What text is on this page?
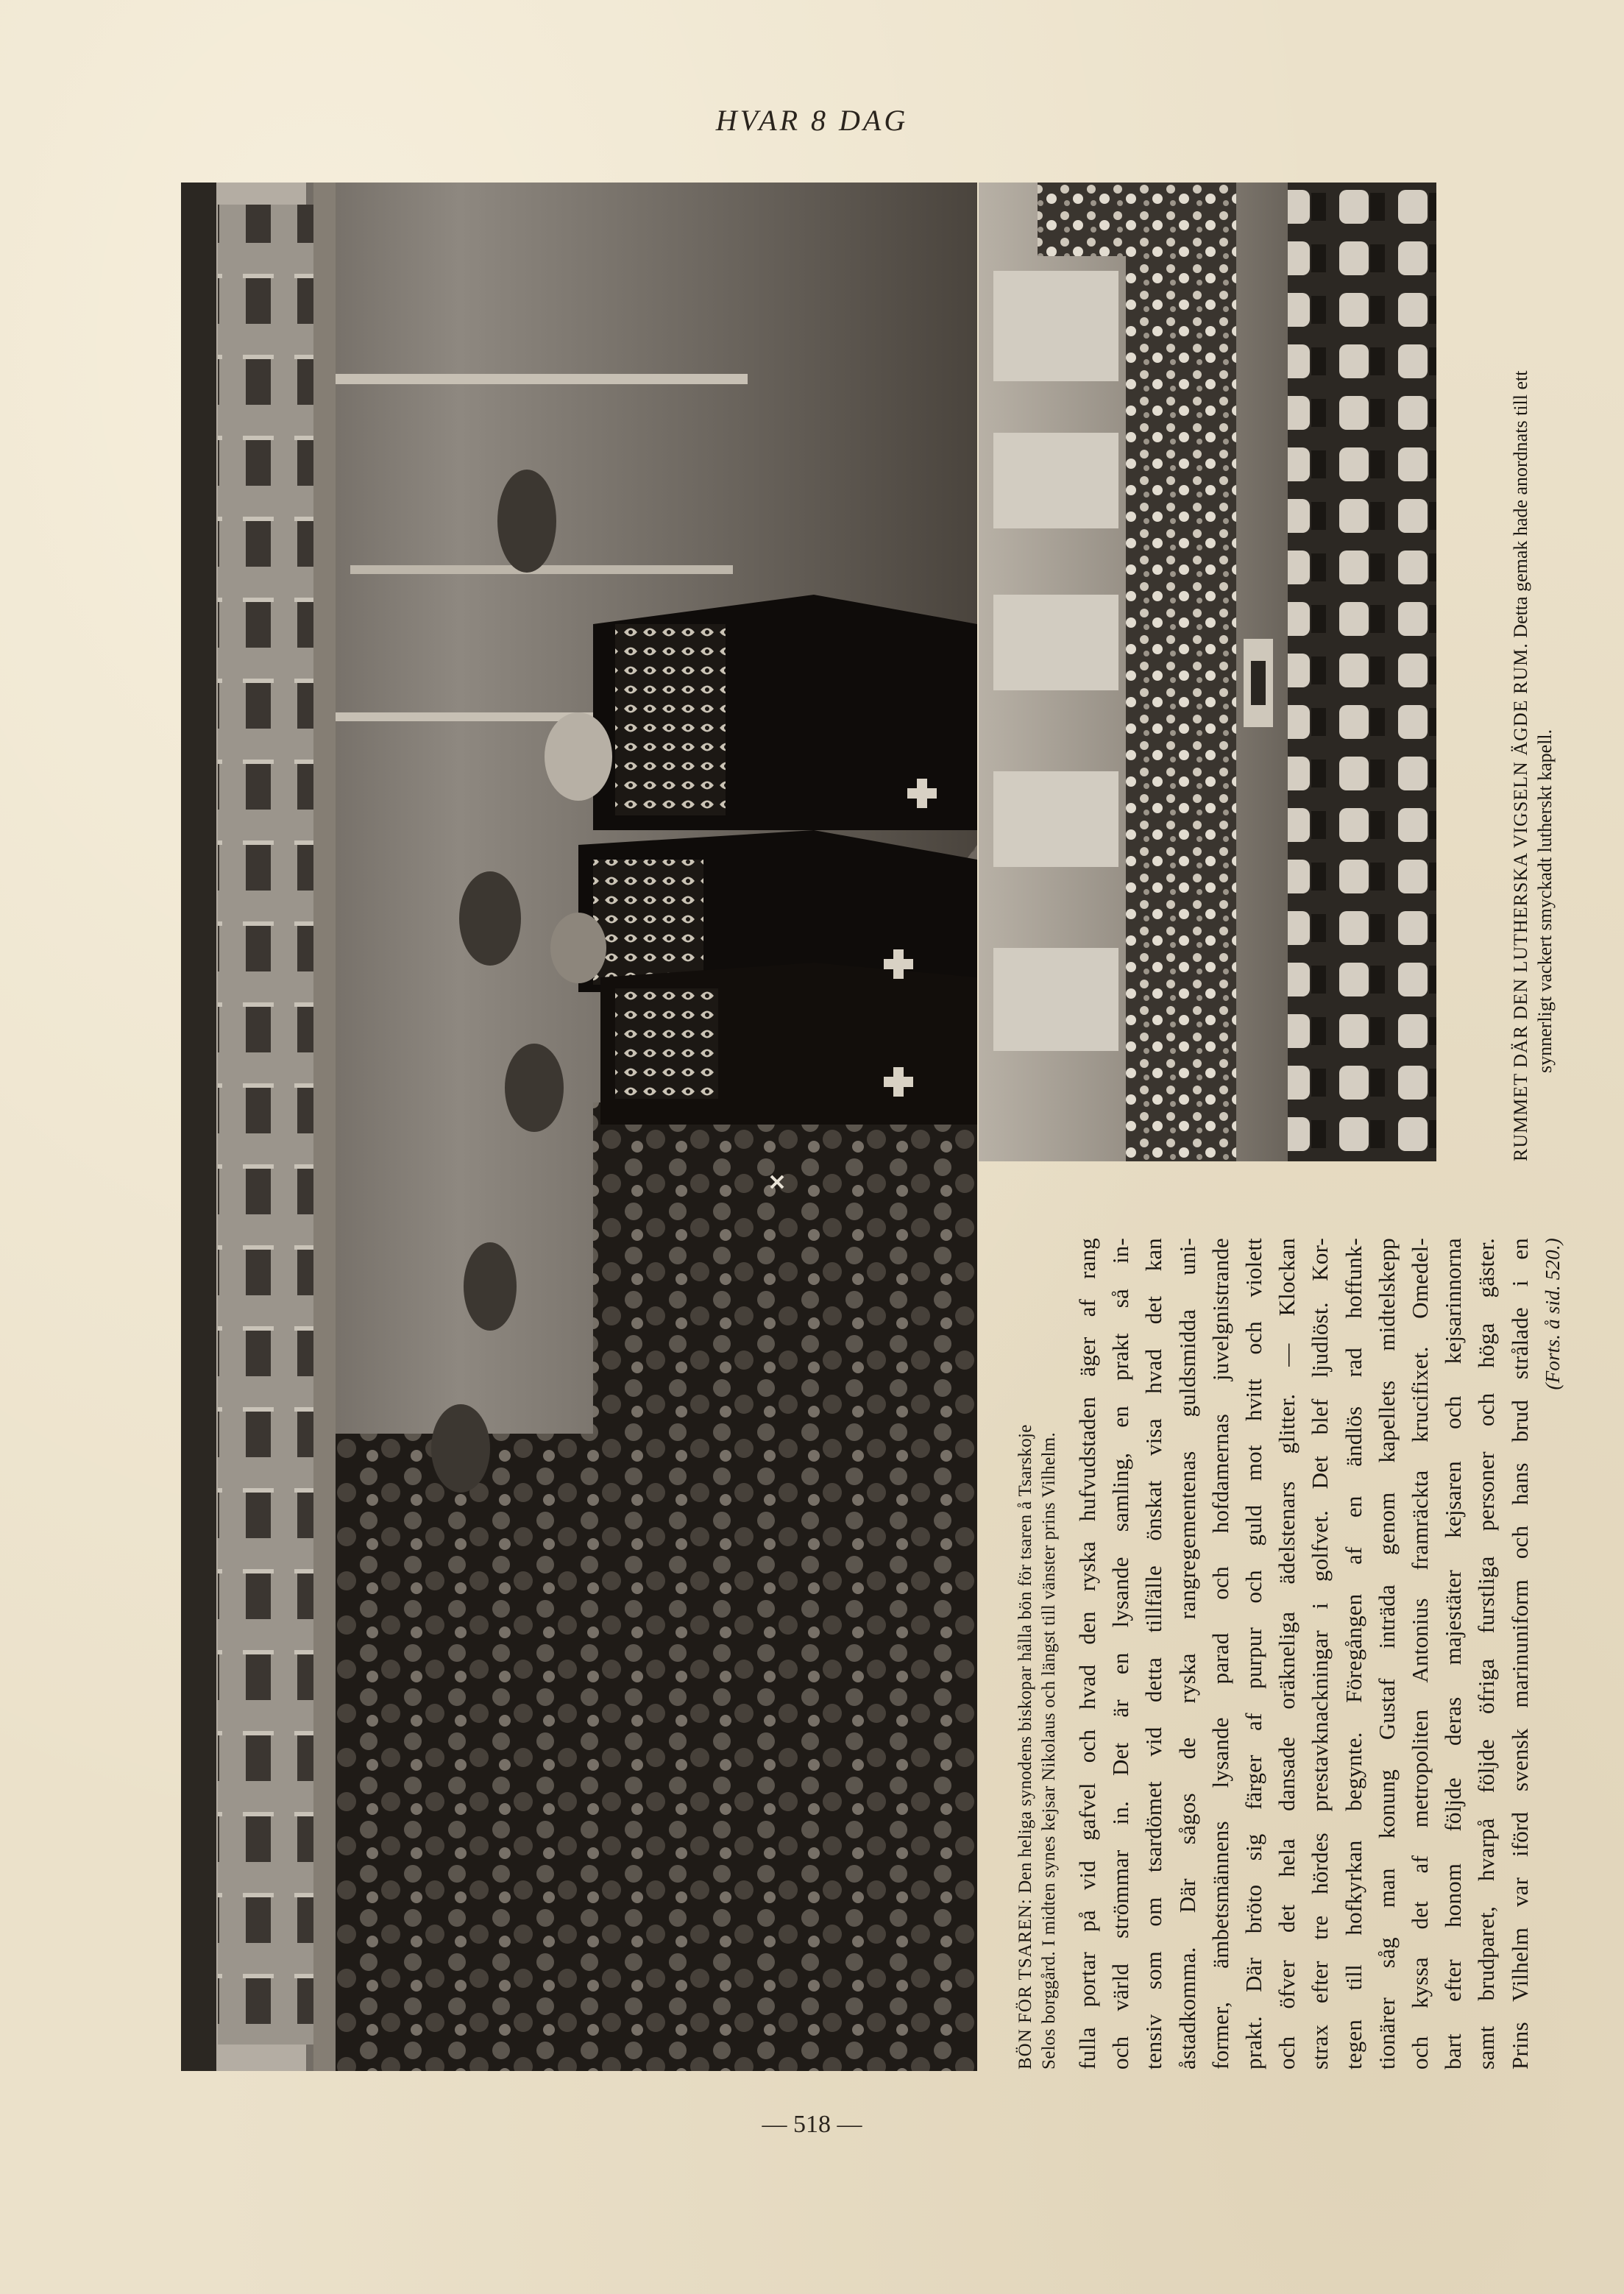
HVAR 8 DAG
BÖN FÖR TSAREN: Den heliga synodens biskopar hålla bön för tsaren å Tsarskoje Selos borggård. I midten synes kejsar Nikolaus och längst till vänster prins Vilhelm. fulla portar på vid gafvel och hvad den ryska hufvudstaden äger af rang och värld strömmar in. Det är en lysande samling, en prakt så in- tensiv som om tsardömet vid detta tillfälle önskat visa hvad det kan åstadkomma. Där sågos de ryska rangregementenas guldsmidda uni- former, ämbetsmännens lysande parad och hofdamernas juvelgnistrande prakt. Där bröto sig färger af purpur och guld mot hvitt och violett och öfver det hela dansade oräkneliga ädelstenars glitter. — Klockan strax efter tre hördes prestavknackningar i golfvet. Det blef ljudlöst. Kor- tegen till hofkyrkan begynte. Föregången af en ändlös rad hoffunk- tionärer såg man konung Gustaf inträda genom kapellets midtelskepp och kyssa det af metropoliten Antonius framräckta krucifixet. Omedel- bart efter honom följde deras majestäter kejsaren och kejsarinnorna samt brudparet, hvarpå följde öfriga furstliga personer och höga gäster. Prins Vilhelm var iförd svensk marinuniform och hans brud strålade i en (Forts. å sid. 520.)
RUMMET DÄR DEN LUTHERSKA VIGSELN ÄGDE RUM. Detta gemak hade anordnats till ett
synnerligt vackert smyckadt lutherskt kapell.
— 518 —
